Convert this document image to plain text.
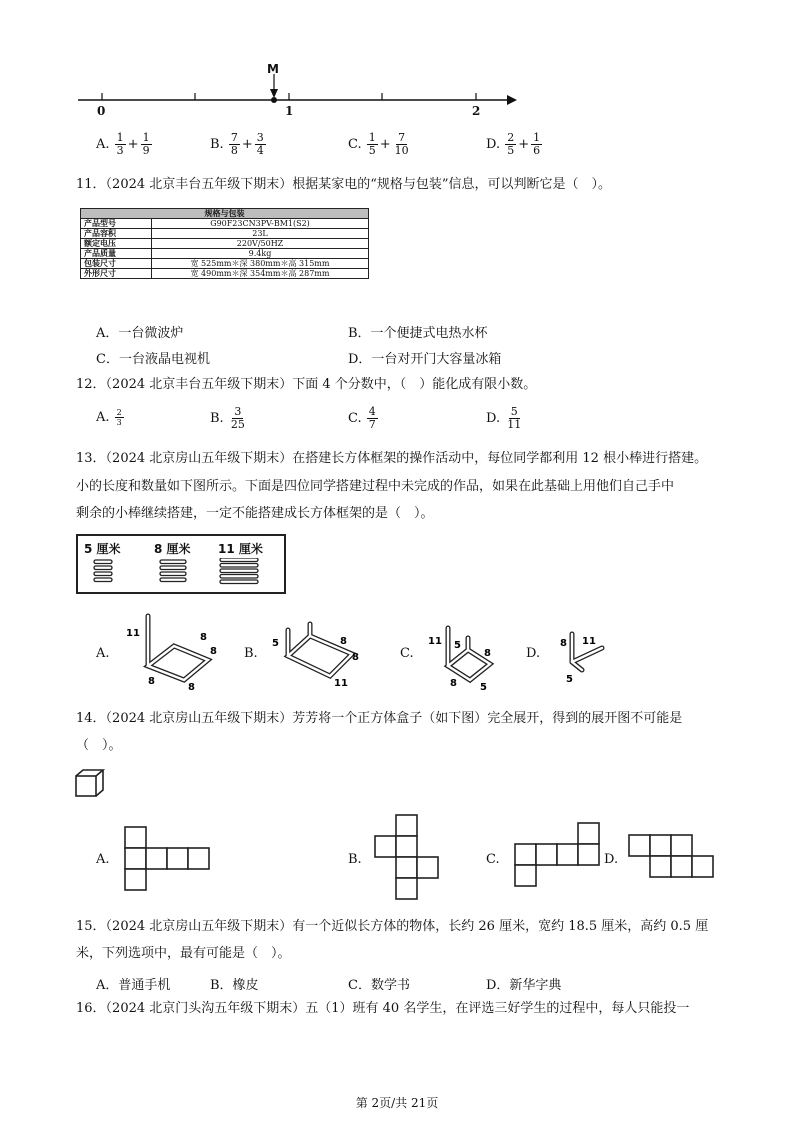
M
0	1	2
A. $\frac{1}{3} + \frac{1}{9}$	B. $\frac{7}{8} + \frac{3}{4}$	C. $\frac{1}{5} + \frac{7}{10}$	D. $\frac{2}{5} + \frac{1}{6}$
11．（2024 北京丰台五年级下期末）根据某家电的“规格与包装”信息，可以判断它是（　）。
规格与包装	
产品型号	G90F23CN3PV-BM1(S2)
产品容积	23L
额定电压	220V/50HZ
产品质量	9.4kg
包装尺寸	宽 525mm＊深 380mm＊高 315mm
外形尺寸	宽 490mm＊深 354mm＊高 287mm
A．一台微波炉	B．一个便捷式电热水杯
C．一台液晶电视机	D．一台对开门大容量冰箱
12．（2024 北京丰台五年级下期末）下面 4 个分数中，（　）能化成有限小数。
A. $\frac{2}{3}$	B. $\frac{3}{25}$	C. $\frac{4}{7}$	D. $\frac{5}{11}$
13．（2024 北京房山五年级下期末）在搭建长方体框架的操作活动中，每位同学都利用 12 根小棒进行搭建。
小的长度和数量如下图所示。下面是四位同学搭建过程中未完成的作品，如果在此基础上用他们自己手中
剩余的小棒继续搭建，一定不能搭建成长方体框架的是（　）。
5 厘米	8 厘米 11 厘米
A.
11	8
8
8
8
B.
5	8
8
11
C.
11 5
8
8 5
D.
8 11
5
14．（2024 北京房山五年级下期末）芳芳将一个正方体盒子（如下图）完全展开，得到的展开图不可能是
（　）。
A.	B.	C.	D.
15．（2024 北京房山五年级下期末）有一个近似长方体的物体，长约 26 厘米，宽约 18.5 厘米，高约 0.5 厘
米，下列选项中，最有可能是（　）。
A．普通手机	B．橡皮	C．数学书	D．新华字典
16．（2024 北京门头沟五年级下期末）五（1）班有 40 名学生，在评选三好学生的过程中，每人只能投一
第 2页/共 21页
